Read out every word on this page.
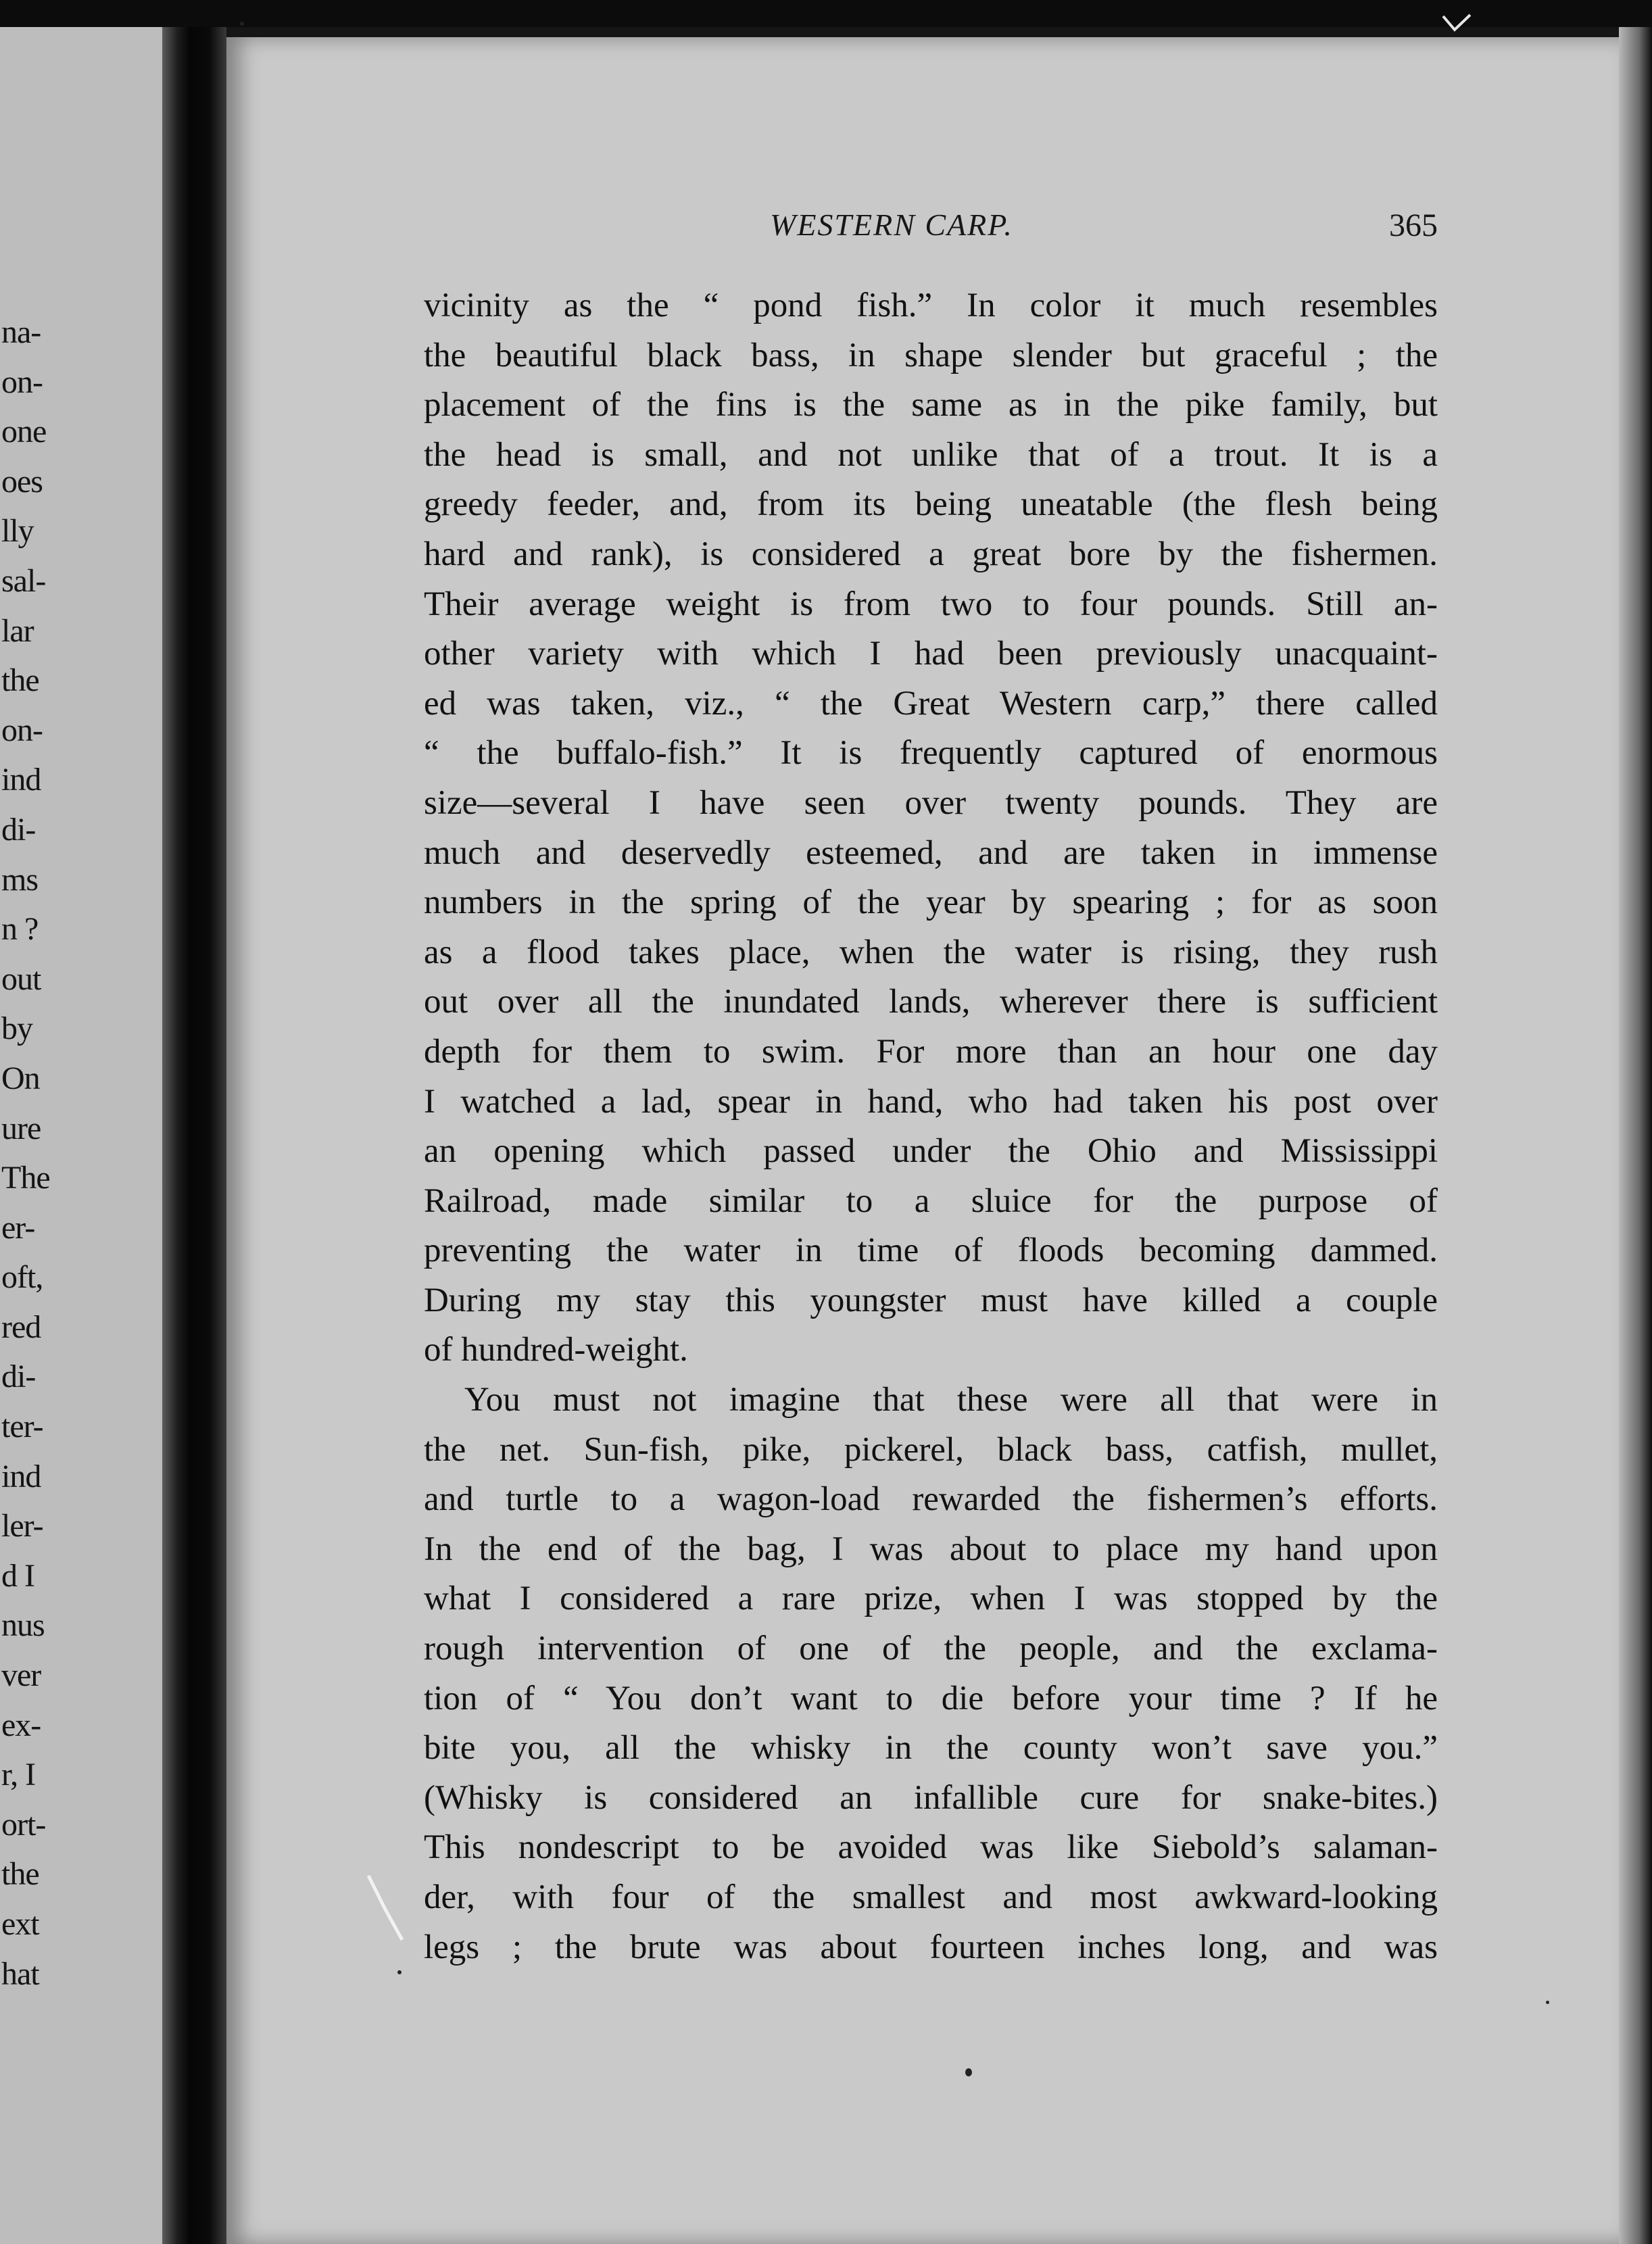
na-
on-
one
oes
lly
sal-
lar
the
on-
ind
di-
ms
n ?
out
by
On
ure
The
er-
oft,
red
di-
ter-
ind
ler-
d I
nus
ver
ex-
r, I
ort-
the
ext
hat
WESTERN CARP.	365
vicinity as the “ pond fish.” In color it much resembles
the beautiful black bass, in shape slender but graceful ; the
placement of the fins is the same as in the pike family, but
the head is small, and not unlike that of a trout. It is a
greedy feeder, and, from its being uneatable (the flesh being
hard and rank), is considered a great bore by the fishermen.
Their average weight is from two to four pounds. Still an-
other variety with which I had been previously unacquaint-
ed was taken, viz., “ the Great Western carp,” there called
“ the buffalo-fish.” It is frequently captured of enormous
size—several I have seen over twenty pounds. They are
much and deservedly esteemed, and are taken in immense
numbers in the spring of the year by spearing ; for as soon
as a flood takes place, when the water is rising, they rush
out over all the inundated lands, wherever there is sufficient
depth for them to swim. For more than an hour one day
I watched a lad, spear in hand, who had taken his post over
an opening which passed under the Ohio and Mississippi
Railroad, made similar to a sluice for the purpose of
preventing the water in time of floods becoming dammed.
During my stay this youngster must have killed a couple
of hundred-weight.
You must not imagine that these were all that were in
the net. Sun-fish, pike, pickerel, black bass, catfish, mullet,
and turtle to a wagon-load rewarded the fishermen’s efforts.
In the end of the bag, I was about to place my hand upon
what I considered a rare prize, when I was stopped by the
rough intervention of one of the people, and the exclama-
tion of “ You don’t want to die before your time ? If he
bite you, all the whisky in the county won’t save you.”
(Whisky is considered an infallible cure for snake-bites.)
This nondescript to be avoided was like Siebold’s salaman-
der, with four of the smallest and most awkward-looking
legs ; the brute was about fourteen inches long, and was
